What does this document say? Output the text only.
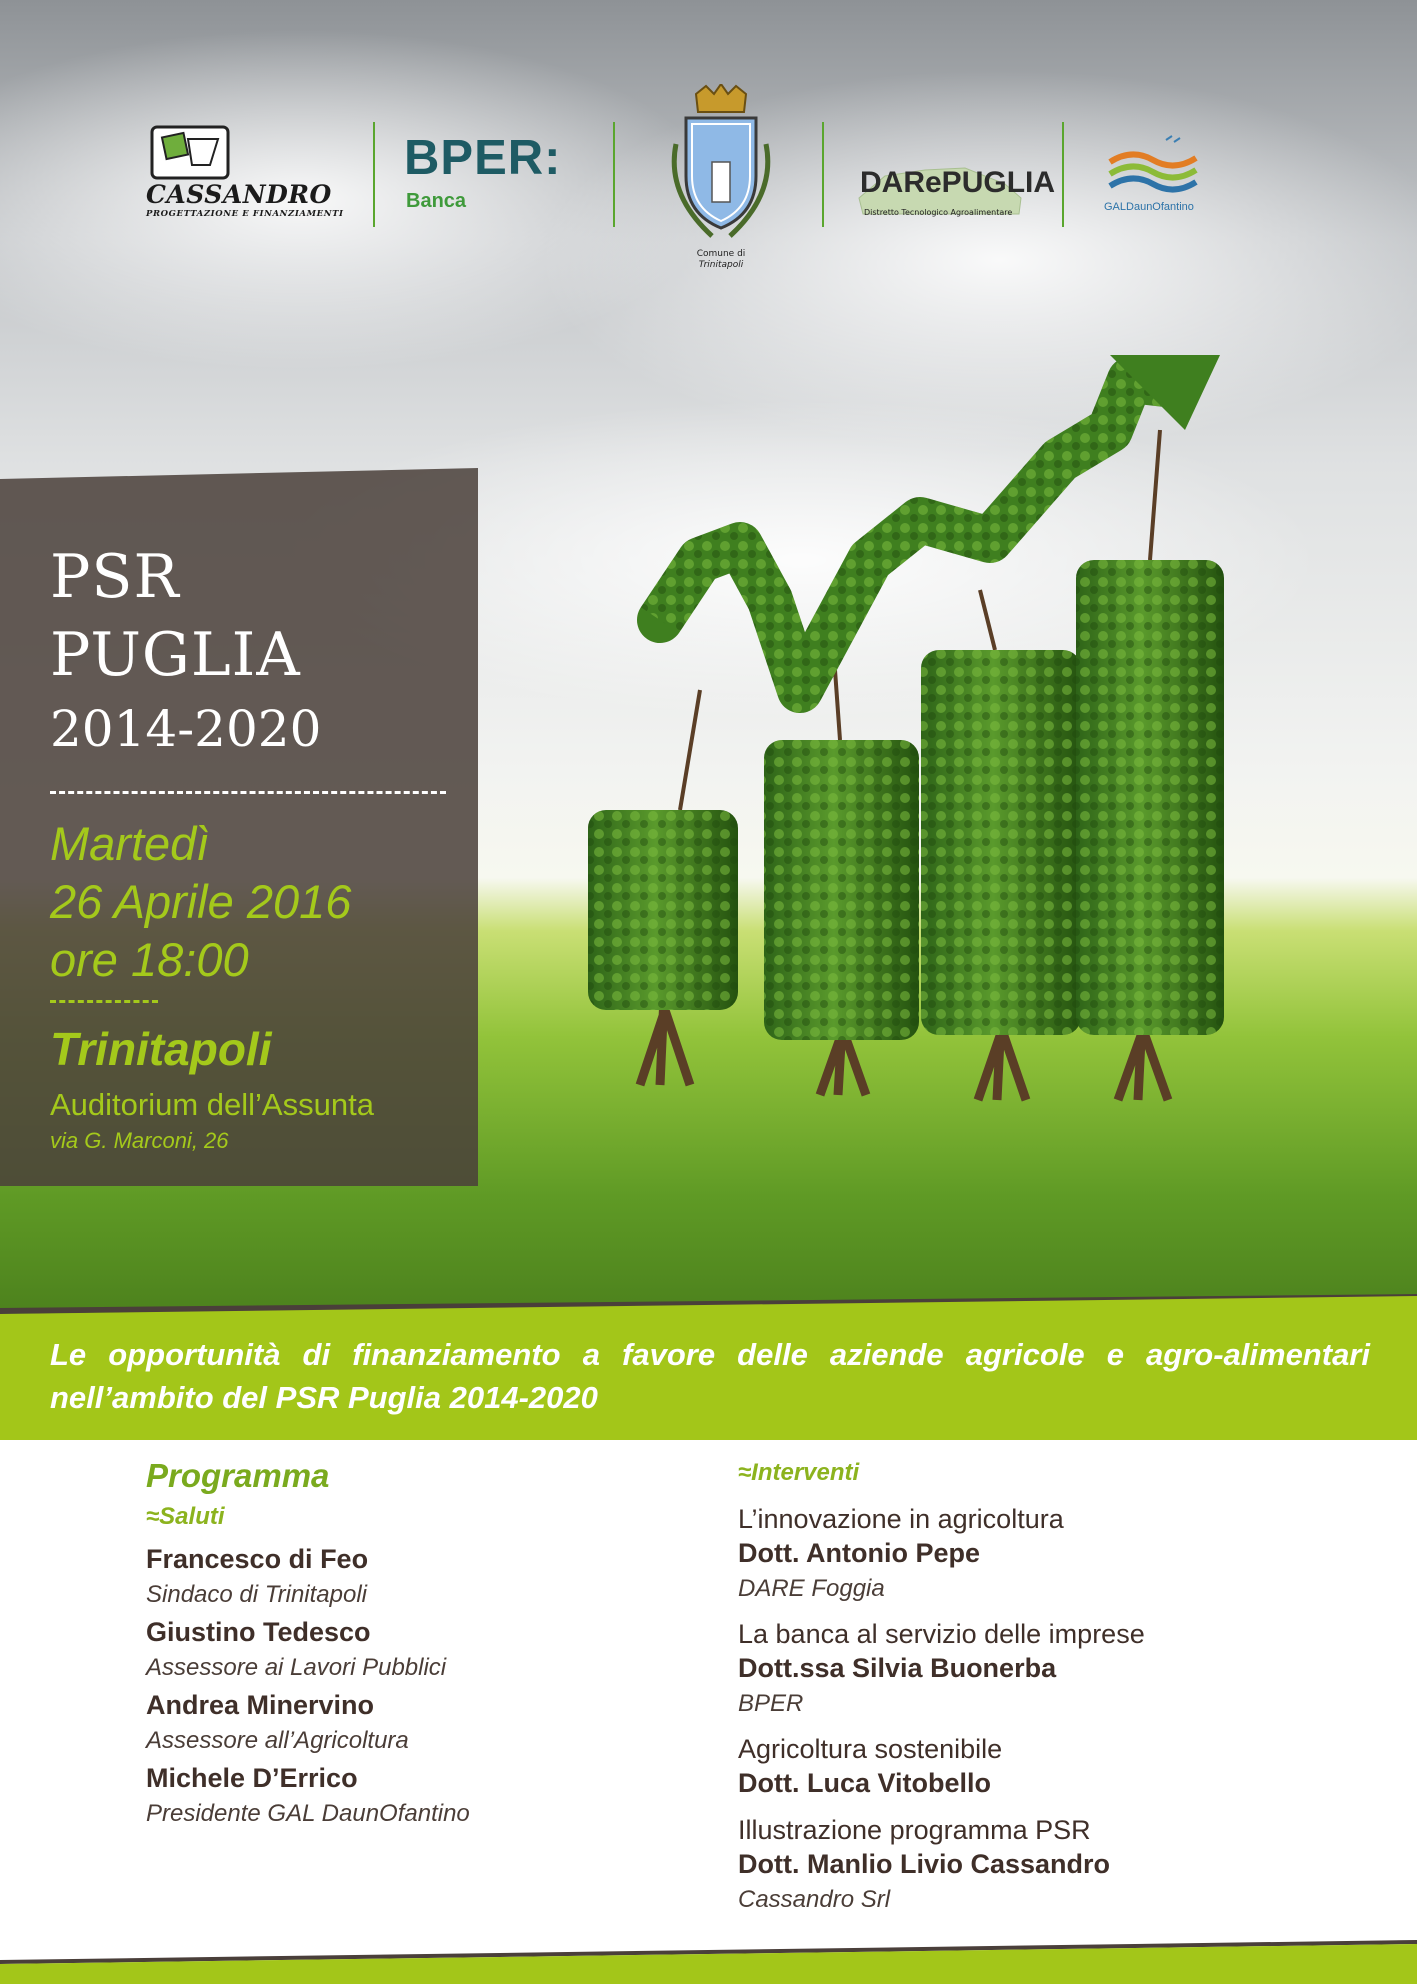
CASSANDRO
PROGETTAZIONE E FINANZIAMENTI
BPER:
Banca
Comune di
Trinitapoli
DARePUGLIA
Distretto Tecnologico Agroalimentare	GALDaunOfantino
PSR
PUGLIA
2014-2020
Martedì
26 Aprile 2016
ore 18:00
Trinitapoli
Auditorium dell’Assunta
via G. Marconi, 26
Le opportunità di finanziamento a favore delle aziende agricole e agro-alimentari nell’ambito del PSR Puglia 2014-2020
Programma
≈Saluti
Francesco di Feo
Sindaco di Trinitapoli
Giustino Tedesco
Assessore ai Lavori Pubblici
Andrea Minervino
Assessore all’Agricoltura
Michele D’Errico
Presidente GAL DaunOfantino
≈Interventi
L’innovazione in agricoltura
Dott. Antonio Pepe
DARE Foggia
La banca al servizio delle imprese
Dott.ssa Silvia Buonerba
BPER
Agricoltura sostenibile
Dott. Luca Vitobello
Illustrazione programma PSR
Dott. Manlio Livio Cassandro
Cassandro Srl
